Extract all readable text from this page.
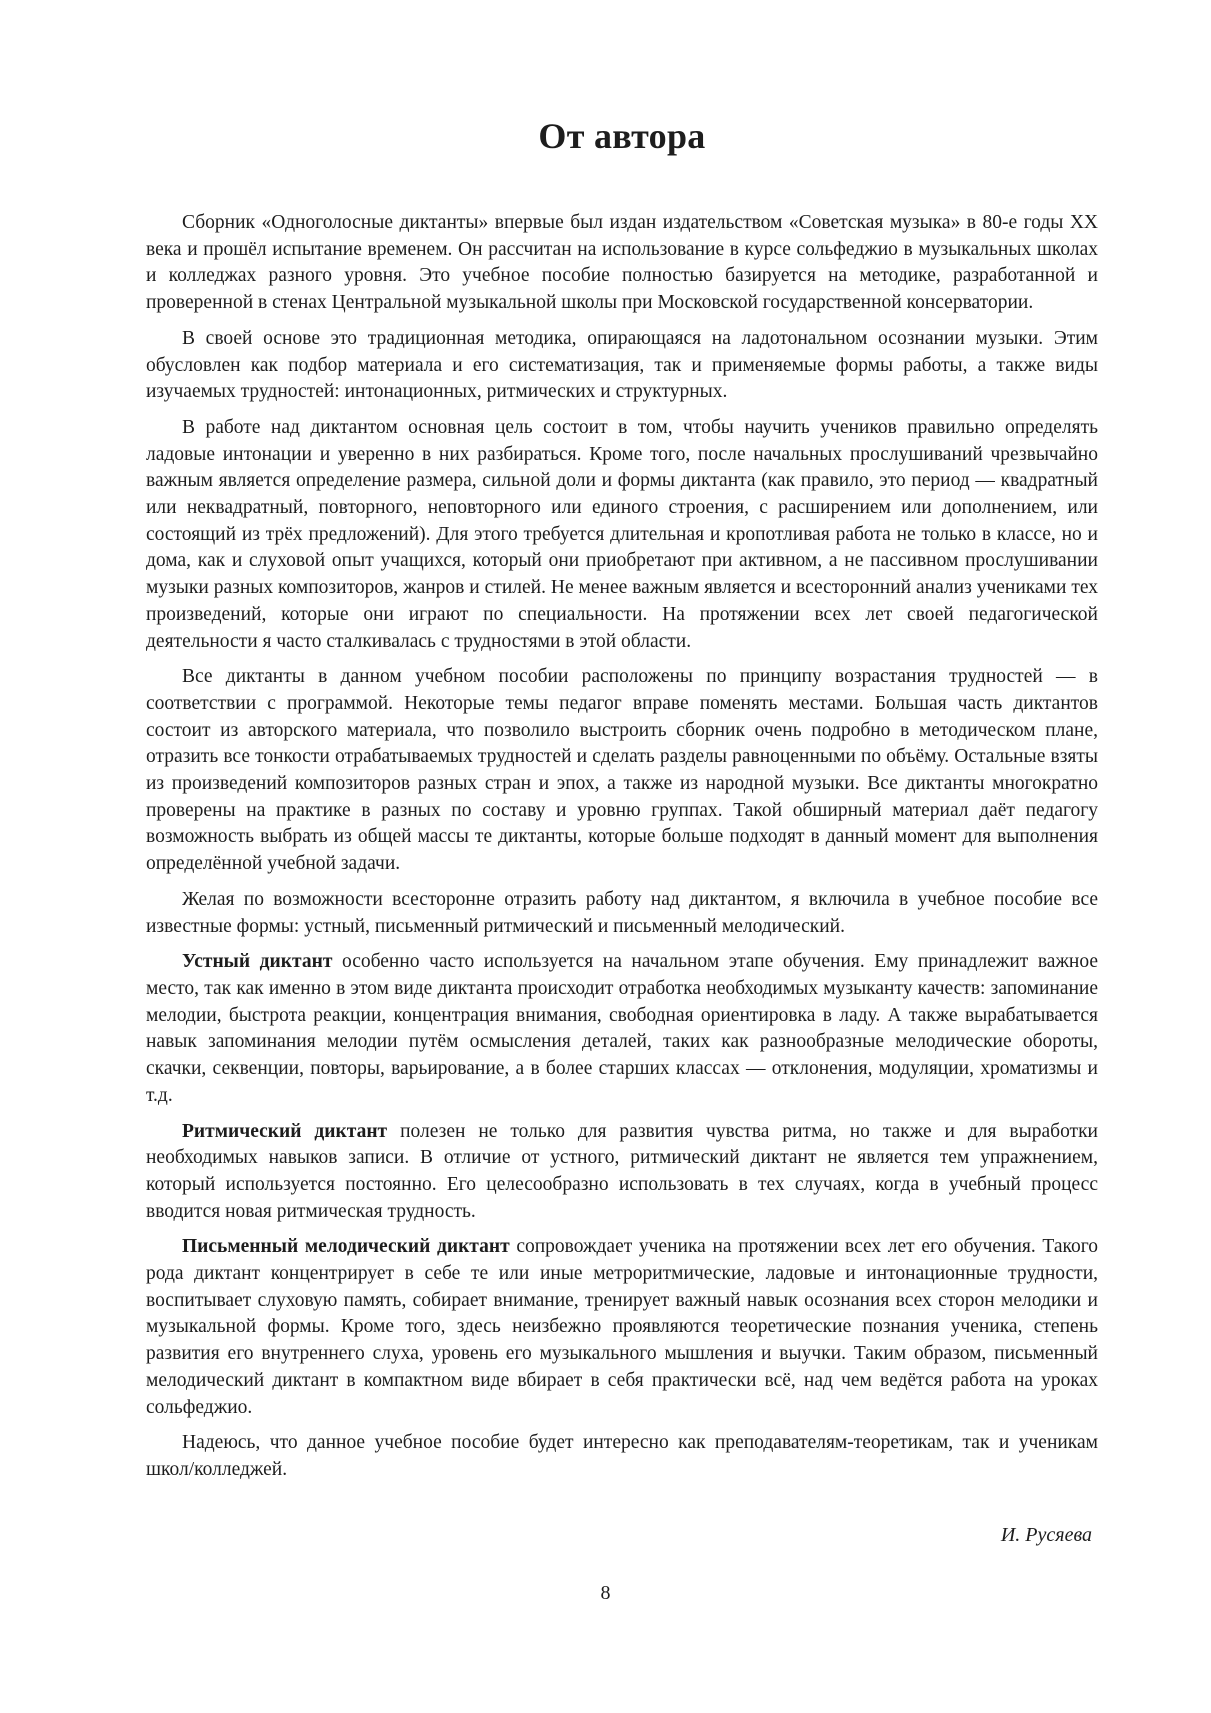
От автора

Сборник «Одноголосные диктанты» впервые был издан издательством «Советская музыка» в 80-е годы XX века и прошёл испытание временем. Он рассчитан на использование в курсе сольфеджио в музыкальных школах и колледжах разного уровня. Это учебное пособие полностью базируется на методике, разработанной и проверенной в стенах Центральной музыкальной школы при Московской государственной консерватории.

В своей основе это традиционная методика, опирающаяся на ладотональном осознании музыки. Этим обусловлен как подбор материала и его систематизация, так и применяемые формы работы, а также виды изучаемых трудностей: интонационных, ритмических и структурных.

В работе над диктантом основная цель состоит в том, чтобы научить учеников правильно определять ладовые интонации и уверенно в них разбираться. Кроме того, после начальных прослушиваний чрезвычайно важным является определение размера, сильной доли и формы диктанта (как правило, это период — квадратный или неквадратный, повторного, неповторного или единого строения, с расширением или дополнением, или состоящий из трёх предложений). Для этого требуется длительная и кропотливая работа не только в классе, но и дома, как и слуховой опыт учащихся, который они приобретают при активном, а не пассивном прослушивании музыки разных композиторов, жанров и стилей. Не менее важным является и всесторонний анализ учениками тех произведений, которые они играют по специальности. На протяжении всех лет своей педагогической деятельности я часто сталкивалась с трудностями в этой области.

Все диктанты в данном учебном пособии расположены по принципу возрастания трудностей — в соответствии с программой. Некоторые темы педагог вправе поменять местами. Большая часть диктантов состоит из авторского материала, что позволило выстроить сборник очень подробно в методическом плане, отразить все тонкости отрабатываемых трудностей и сделать разделы равноценными по объёму. Остальные взяты из произведений композиторов разных стран и эпох, а также из народной музыки. Все диктанты многократно проверены на практике в разных по составу и уровню группах. Такой обширный материал даёт педагогу возможность выбрать из общей массы те диктанты, которые больше подходят в данный момент для выполнения определённой учебной задачи.

Желая по возможности всесторонне отразить работу над диктантом, я включила в учебное пособие все известные формы: устный, письменный ритмический и письменный мелодический.

Устный диктант особенно часто используется на начальном этапе обучения. Ему принадлежит важное место, так как именно в этом виде диктанта происходит отработка необходимых музыканту качеств: запоминание мелодии, быстрота реакции, концентрация внимания, свободная ориентировка в ладу. А также вырабатывается навык запоминания мелодии путём осмысления деталей, таких как разнообразные мелодические обороты, скачки, секвенции, повторы, варьирование, а в более старших классах — отклонения, модуляции, хроматизмы и т.д.

Ритмический диктант полезен не только для развития чувства ритма, но также и для выработки необходимых навыков записи. В отличие от устного, ритмический диктант не является тем упражнением, который используется постоянно. Его целесообразно использовать в тех случаях, когда в учебный процесс вводится новая ритмическая трудность.

Письменный мелодический диктант сопровождает ученика на протяжении всех лет его обучения. Такого рода диктант концентрирует в себе те или иные метроритмические, ладовые и интонационные трудности, воспитывает слуховую память, собирает внимание, тренирует важный навык осознания всех сторон мелодики и музыкальной формы. Кроме того, здесь неизбежно проявляются теоретические познания ученика, степень развития его внутреннего слуха, уровень его музыкального мышления и выучки. Таким образом, письменный мелодический диктант в компактном виде вбирает в себя практически всё, над чем ведётся работа на уроках сольфеджио.

Надеюсь, что данное учебное пособие будет интересно как преподавателям-теоретикам, так и ученикам школ/колледжей.

И. Русяева
8
